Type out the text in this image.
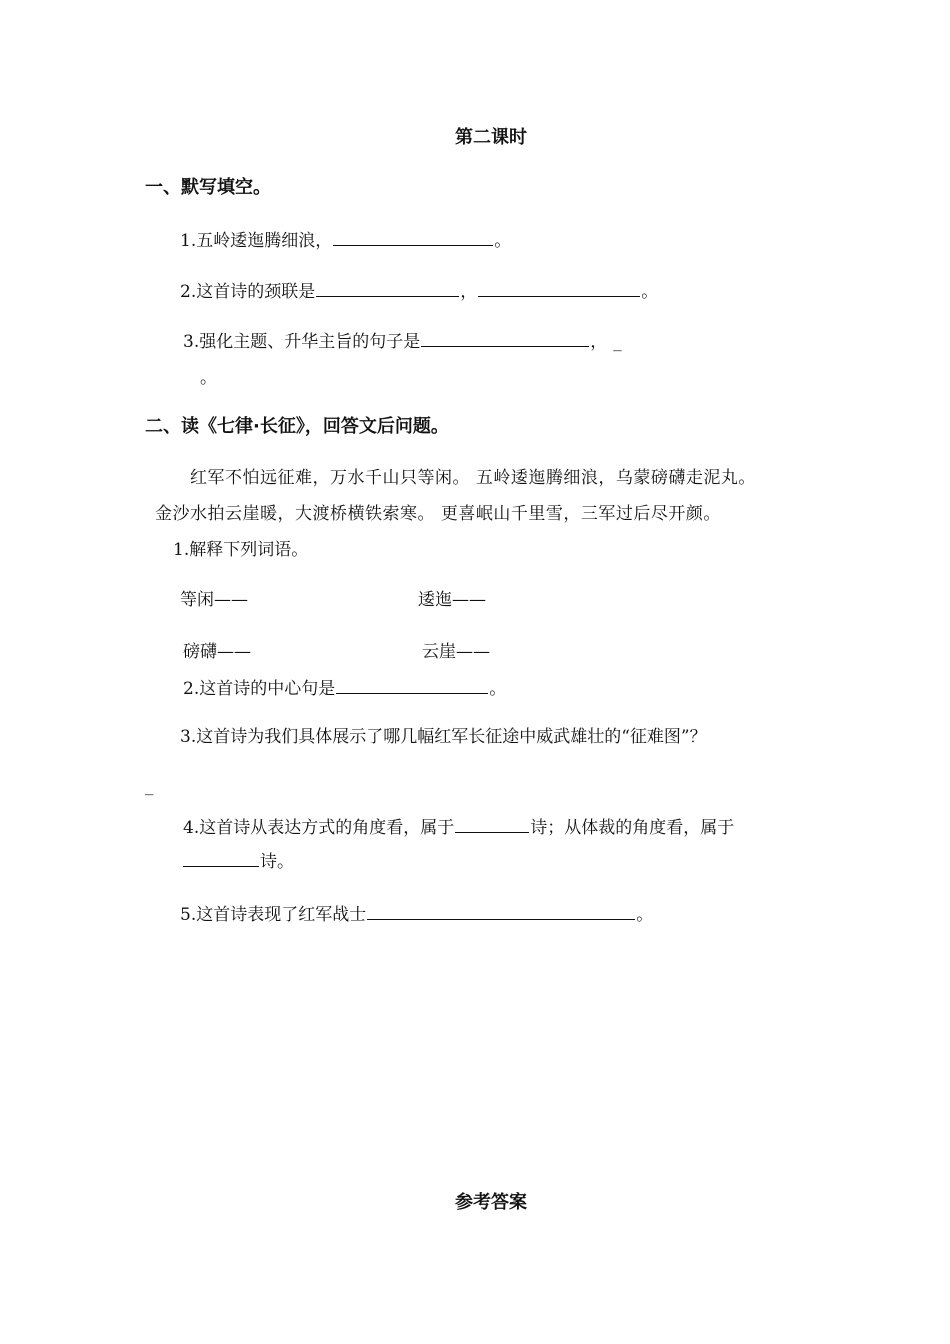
第二课时
一、默写填空。
1.五岭逶迤腾细浪，	。
2.这首诗的颈联是	，	。
3.强化主题、升华主旨的句子是	， _
。
二、读《七律·长征》，回答文后问题。
红军不怕远征难，万水千山只等闲。 五岭逶迤腾细浪，乌蒙磅礴走泥丸。
金沙水拍云崖暖，大渡桥横铁索寒。 更喜岷山千里雪，三军过后尽开颜。
1.解释下列词语。
等闲——	逶迤——
磅礴——	云崖——
2.这首诗的中心句是	。
3.这首诗为我们具体展示了哪几幅红军长征途中威武雄壮的“征难图”？
_
4.这首诗从表达方式的角度看，属于	诗；从体裁的角度看，属于
诗。
5.这首诗表现了红军战士	。
参考答案
